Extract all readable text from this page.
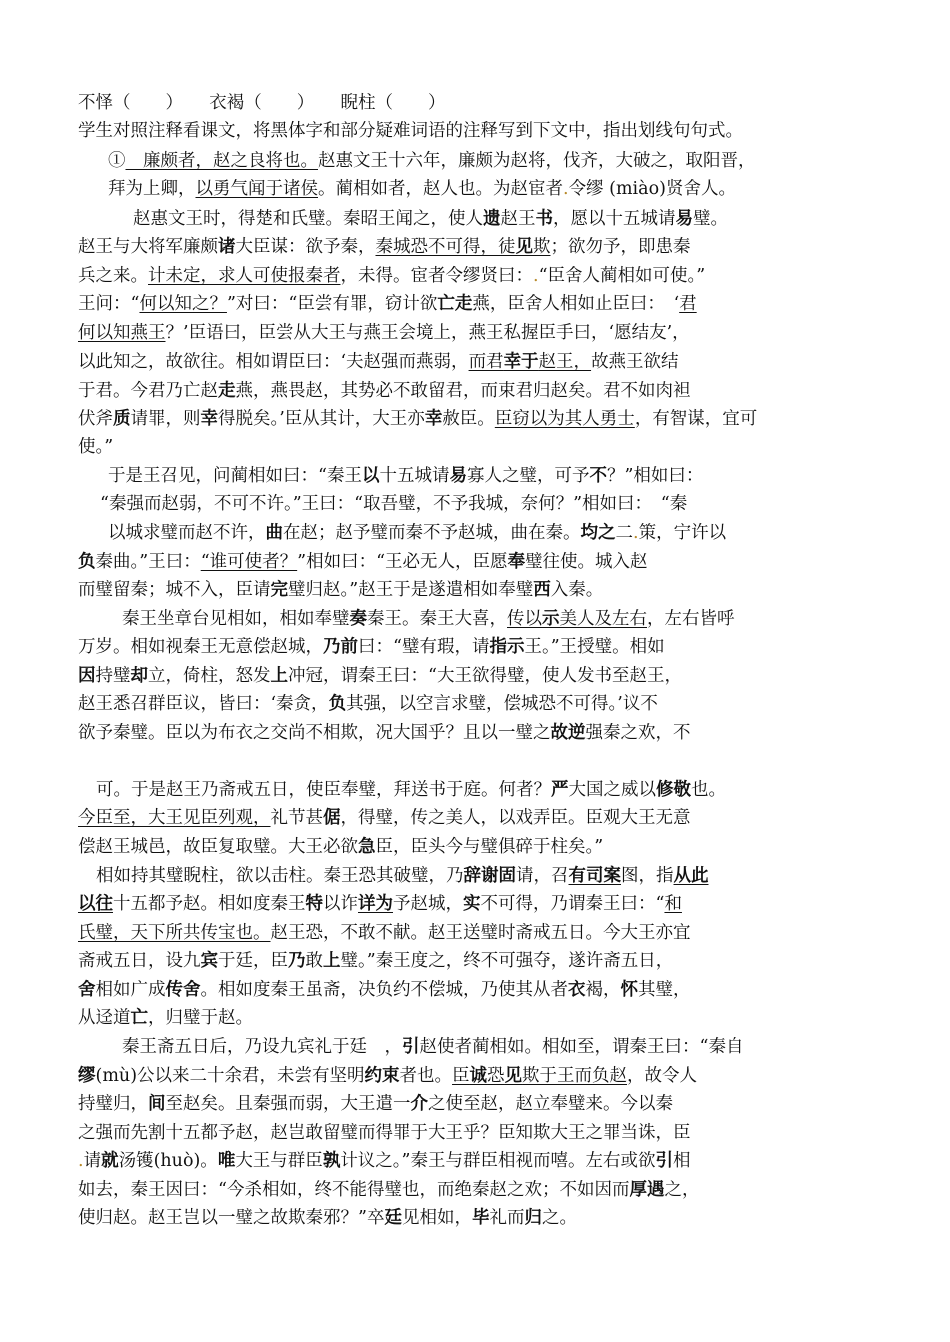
不怿（　　）　　衣褐（　　）　　睨柱（　　）
学生对照注释看课文，将黑体字和部分疑难词语的注释写到下文中，指出划线句句式。
①　廉颇者，赵之良将也。赵惠文王十六年，廉颇为赵将，伐齐，大破之，取阳晋，
拜为上卿，以勇气闻于诸侯。蔺相如者，赵人也。为赵宦者.令缪 (miào)贤舍人。
赵惠文王时，得楚和氏璧。秦昭王闻之，使人遗赵王书，愿以十五城请易璧。
赵王与大将军廉颇诸大臣谋：欲予秦，秦城恐不可得，徒见欺；欲勿予，即患秦
兵之来。计未定，求人可使报秦者，未得。宦者令缪贤曰：.“臣舍人蔺相如可使。”
王问：“何以知之？”对曰：“臣尝有罪，窃计欲亡走燕，臣舍人相如止臣曰：　‘君
何以知燕王？’臣语曰，臣尝从大王与燕王会境上，燕王私握臣手曰，‘愿结友’，
以此知之，故欲往。相如谓臣曰：‘夫赵强而燕弱，而君幸于赵王，故燕王欲结
于君。今君乃亡赵走燕，燕畏赵，其势必不敢留君，而束君归赵矣。君不如肉袒
伏斧质请罪，则幸得脱矣。’臣从其计，大王亦幸赦臣。臣窃以为其人勇士，有智谋，宜可
使。”
于是王召见，问蔺相如曰：“秦王以十五城请易寡人之璧，可予不？”相如曰：
“秦强而赵弱，不可不许。”王曰：“取吾璧，不予我城，奈何？”相如曰：　“秦
以城求璧而赵不许，曲在赵；赵予璧而秦不予赵城，曲在秦。均之二.策，宁许以
负秦曲。”王曰：“谁可使者？”相如曰：“王必无人，臣愿奉璧往使。城入赵
而璧留秦；城不入，臣请完璧归赵。”赵王于是遂遣相如奉璧西入秦。
秦王坐章台见相如，相如奉璧奏秦王。秦王大喜，传以示美人及左右，左右皆呼
万岁。相如视秦王无意偿赵城，乃前曰：“璧有瑕，请指示王。”王授璧。相如
因持璧却立，倚柱，怒发上冲冠，谓秦王曰：“大王欲得璧，使人发书至赵王，
赵王悉召群臣议，皆曰：‘秦贪，负其强，以空言求璧，偿城恐不可得。’议不
欲予秦璧。臣以为布衣之交尚不相欺，况大国乎？且以一璧之故逆强秦之欢，不
可。于是赵王乃斋戒五日，使臣奉璧，拜送书于庭。何者？严大国之威以修敬也。
今臣至，大王见臣列观，礼节甚倨，得璧，传之美人，以戏弄臣。臣观大王无意
偿赵王城邑，故臣复取璧。大王必欲急臣，臣头今与璧俱碎于柱矣。”
相如持其璧睨柱，欲以击柱。秦王恐其破璧，乃辞谢固请，召有司案图，指从此
以往十五都予赵。相如度秦王特以诈详为予赵城，实不可得，乃谓秦王曰：“和
氏璧，天下所共传宝也。赵王恐，不敢不献。赵王送璧时斋戒五日。今大王亦宜
斋戒五日，设九宾于廷，臣乃敢上璧。”秦王度之，终不可强夺，遂许斋五日，
舍相如广成传舍。相如度秦王虽斋，决负约不偿城，乃使其从者衣褐，怀其璧，
从迳道亡，归璧于赵。
秦王斋五日后，乃设九宾礼于廷　，引赵使者蔺相如。相如至，谓秦王曰：“秦自
缪(mù)公以来二十余君，未尝有坚明约束者也。臣诚恐见欺于王而负赵，故令人
持璧归，间至赵矣。且秦强而弱，大王遣一介之使至赵，赵立奉璧来。今以秦
之强而先割十五都予赵，赵岂敢留璧而得罪于大王乎？臣知欺大王之罪当诛，臣
.请就汤镬(huò)。唯大王与群臣孰计议之。”秦王与群臣相视而嘻。左右或欲引相
如去，秦王因曰：“今杀相如，终不能得璧也，而绝秦赵之欢；不如因而厚遇之，
使归赵。赵王岂以一璧之故欺秦邪？”卒廷见相如，毕礼而归之。
